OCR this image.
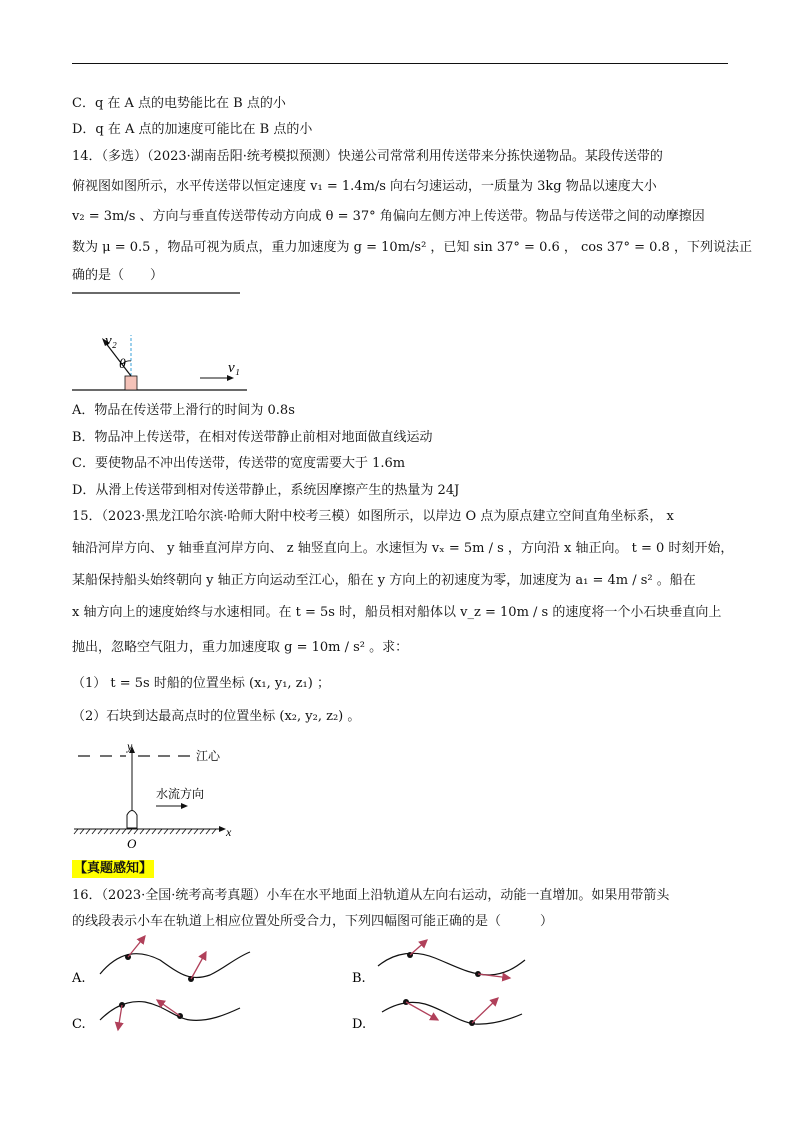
C．q 在 A 点的电势能比在 B 点的小
D．q 在 A 点的加速度可能比在 B 点的小
14．（多选）（2023·湖南岳阳·统考模拟预测）快递公司常常利用传送带来分拣快递物品。某段传送带的
俯视图如图所示，水平传送带以恒定速度 v₁ = 1.4m/s 向右匀速运动，一质量为 3kg 物品以速度大小
v₂ = 3m/s 、方向与垂直传送带传动方向成 θ = 37° 角偏向左侧方冲上传送带。物品与传送带之间的动摩擦因
数为 μ = 0.5 ，物品可视为质点，重力加速度为 g = 10m/s² ，已知 sin 37° = 0.6 ， cos 37° = 0.8 ，下列说法正
确的是（　　）
v₂
θ	v₁
A．物品在传送带上滑行的时间为 0.8s
B．物品冲上传送带，在相对传送带静止前相对地面做直线运动
C．要使物品不冲出传送带，传送带的宽度需要大于 1.6m
D．从滑上传送带到相对传送带静止，系统因摩擦产生的热量为 24J
15．（2023·黑龙江哈尔滨·哈师大附中校考三模）如图所示，以岸边 O 点为原点建立空间直角坐标系， x
轴沿河岸方向、 y 轴垂直河岸方向、 z 轴竖直向上。水速恒为 vₓ = 5m / s ，方向沿 x 轴正向。 t = 0 时刻开始，
某船保持船头始终朝向 y 轴正方向运动至江心，船在 y 方向上的初速度为零，加速度为 a₁ = 4m / s² 。船在
x 轴方向上的速度始终与水速相同。在 t = 5s 时，船员相对船体以 v_z = 10m / s 的速度将一个小石块垂直向上
抛出，忽略空气阻力，重力加速度取 g = 10m / s² 。求：
（1） t = 5s 时船的位置坐标 (x₁, y₁, z₁) ；
（2）石块到达最高点时的位置坐标 (x₂, y₂, z₂) 。
江心
y
水流方向
x
O
【真题感知】
16．（2023·全国·统考高考真题）小车在水平地面上沿轨道从左向右运动，动能一直增加。如果用带箭头
的线段表示小车在轨道上相应位置处所受合力，下列四幅图可能正确的是（　　　）
A.	B.
C.	D.
